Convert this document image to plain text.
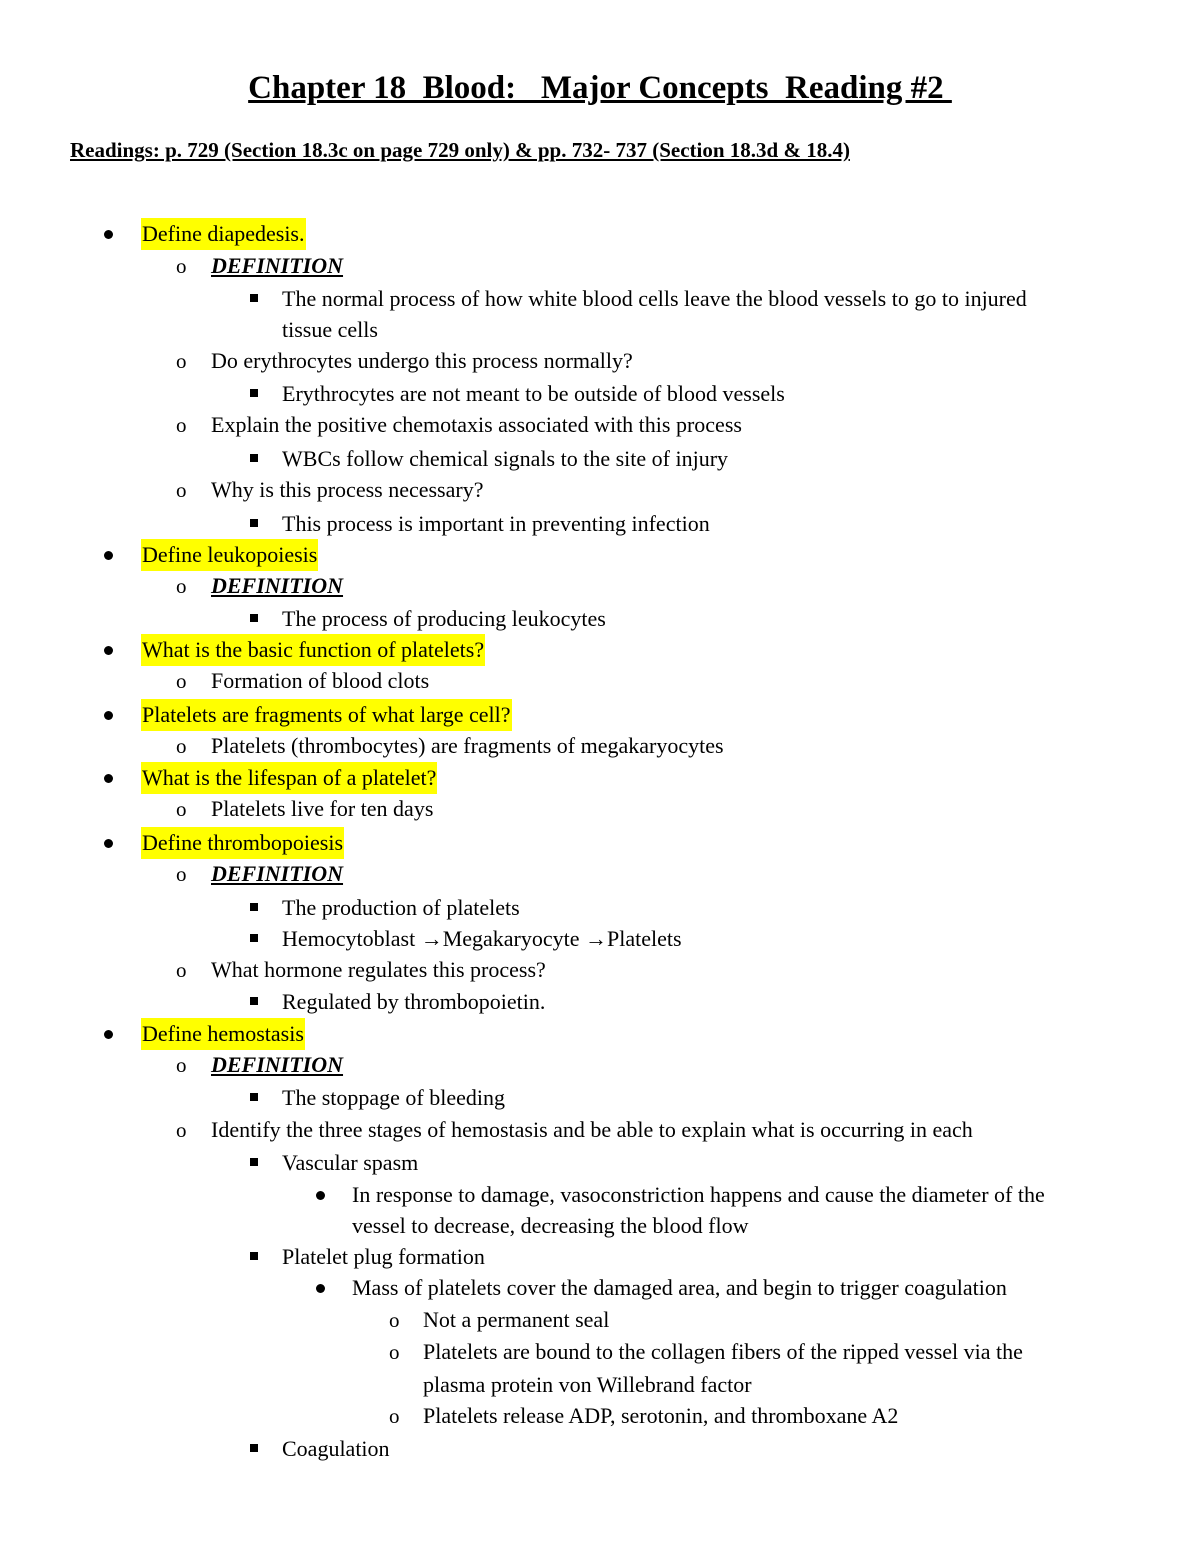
Chapter 18  Blood:   Major Concepts  Reading #2
Readings: p. 729 (Section 18.3c on page 729 only) & pp. 732- 737 (Section 18.3d & 18.4)
Define diapedesis.
o DEFINITION
The normal process of how white blood cells leave the blood vessels to go to injured
tissue cells
o Do erythrocytes undergo this process normally?
Erythrocytes are not meant to be outside of blood vessels
o Explain the positive chemotaxis associated with this process
WBCs follow chemical signals to the site of injury
o Why is this process necessary?
This process is important in preventing infection
Define leukopoiesis
o DEFINITION
The process of producing leukocytes
What is the basic function of platelets?
o Formation of blood clots
Platelets are fragments of what large cell?
o Platelets (thrombocytes) are fragments of megakaryocytes
What is the lifespan of a platelet?
o Platelets live for ten days
Define thrombopoiesis
o DEFINITION
The production of platelets
Hemocytoblast →Megakaryocyte →Platelets
o What hormone regulates this process?
Regulated by thrombopoietin.
Define hemostasis
o DEFINITION
The stoppage of bleeding
o Identify the three stages of hemostasis and be able to explain what is occurring in each
Vascular spasm
In response to damage, vasoconstriction happens and cause the diameter of the
vessel to decrease, decreasing the blood flow
Platelet plug formation
Mass of platelets cover the damaged area, and begin to trigger coagulation
o Not a permanent seal
o Platelets are bound to the collagen fibers of the ripped vessel via the
plasma protein von Willebrand factor
o Platelets release ADP, serotonin, and thromboxane A2
Coagulation
